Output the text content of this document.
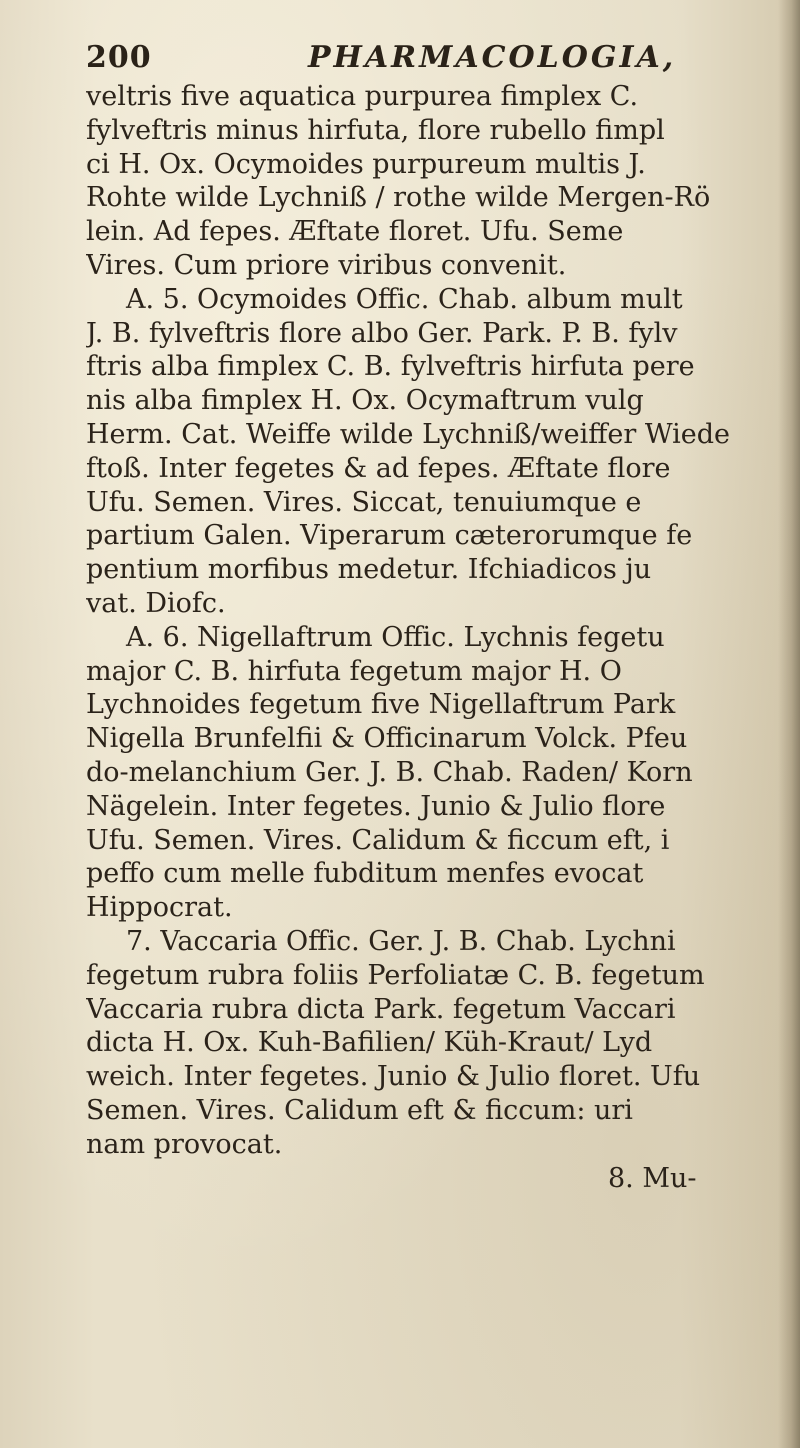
200	PHARMACOLOGIA,
veltris five aquatica purpurea fimplex C.
fylveftris minus hirfuta, flore rubello fimpl
ci H. Ox. Ocymoides purpureum multis J.
Rohte wilde Lychniß / rothe wilde Mergen-Rö
lein. Ad fepes. Æftate floret. Ufu. Seme
Vires. Cum priore viribus convenit.
A. 5. Ocymoides Offic. Chab. album mult
J. B. fylveftris flore albo Ger. Park. P. B. fylv
ftris alba fimplex C. B. fylveftris hirfuta pere
nis alba fimplex H. Ox. Ocymaftrum vulg
Herm. Cat. Weiffe wilde Lychniß/weiffer Wiede
ftoß. Inter fegetes & ad fepes. Æftate flore
Ufu. Semen. Vires. Siccat, tenuiumque e
partium Galen. Viperarum cæterorumque fe
pentium morfibus medetur. Ifchiadicos ju
vat. Diofc.
A. 6. Nigellaftrum Offic. Lychnis fegetu
major C. B. hirfuta fegetum major H. O
Lychnoides fegetum five Nigellaftrum Park
Nigella Brunfelfii & Officinarum Volck. Pfeu
do-melanchium Ger. J. B. Chab. Raden/ Korn
Nägelein. Inter fegetes. Junio & Julio flore
Ufu. Semen. Vires. Calidum & ficcum eft, i
peffo cum melle fubditum menfes evocat
Hippocrat.
7. Vaccaria Offic. Ger. J. B. Chab. Lychni
fegetum rubra foliis Perfoliatæ C. B. fegetum
Vaccaria rubra dicta Park. fegetum Vaccari
dicta H. Ox. Kuh-Bafilien/ Küh-Kraut/ Lyd
weich. Inter fegetes. Junio & Julio floret. Ufu
Semen. Vires. Calidum eft & ficcum: uri
nam provocat.
8. Mu-
